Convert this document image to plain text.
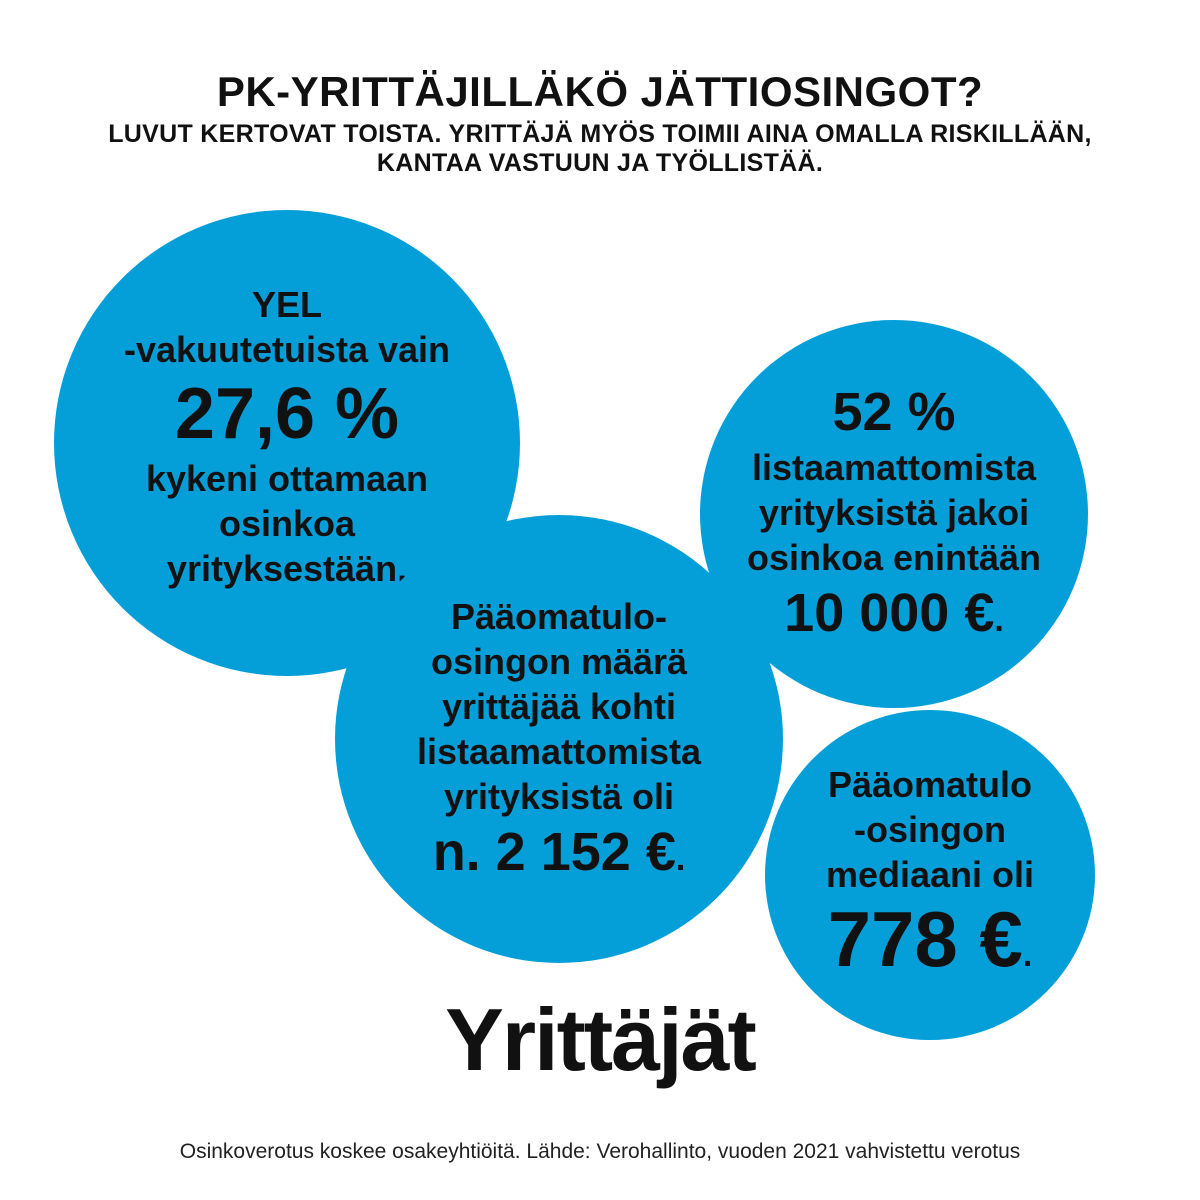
PK-YRITTÄJILLÄKÖ JÄTTIOSINGOT?

LUVUT KERTOVAT TOISTA. YRITTÄJÄ MYÖS TOIMII AINA OMALLA RISKILLÄÄN,

KANTAA VASTUUN JA TYÖLLISTÄÄ.

YEL
-vakuutetuista vain
27,6 %
kykeni ottamaan
osinkoa
yrityksestään.
52 %
listaamattomista
yrityksistä jakoi
osinkoa enintään
10 000 €.
Pääomatulo-
osingon määrä
yrittäjää kohti
listaamattomista
yrityksistä oli
n. 2 152 €.
Pääomatulo
-osingon
mediaani oli
778 €.
Yrittäjät
Osinkoverotus koskee osakeyhtiöitä. Lähde: Verohallinto, vuoden 2021 vahvistettu verotus
